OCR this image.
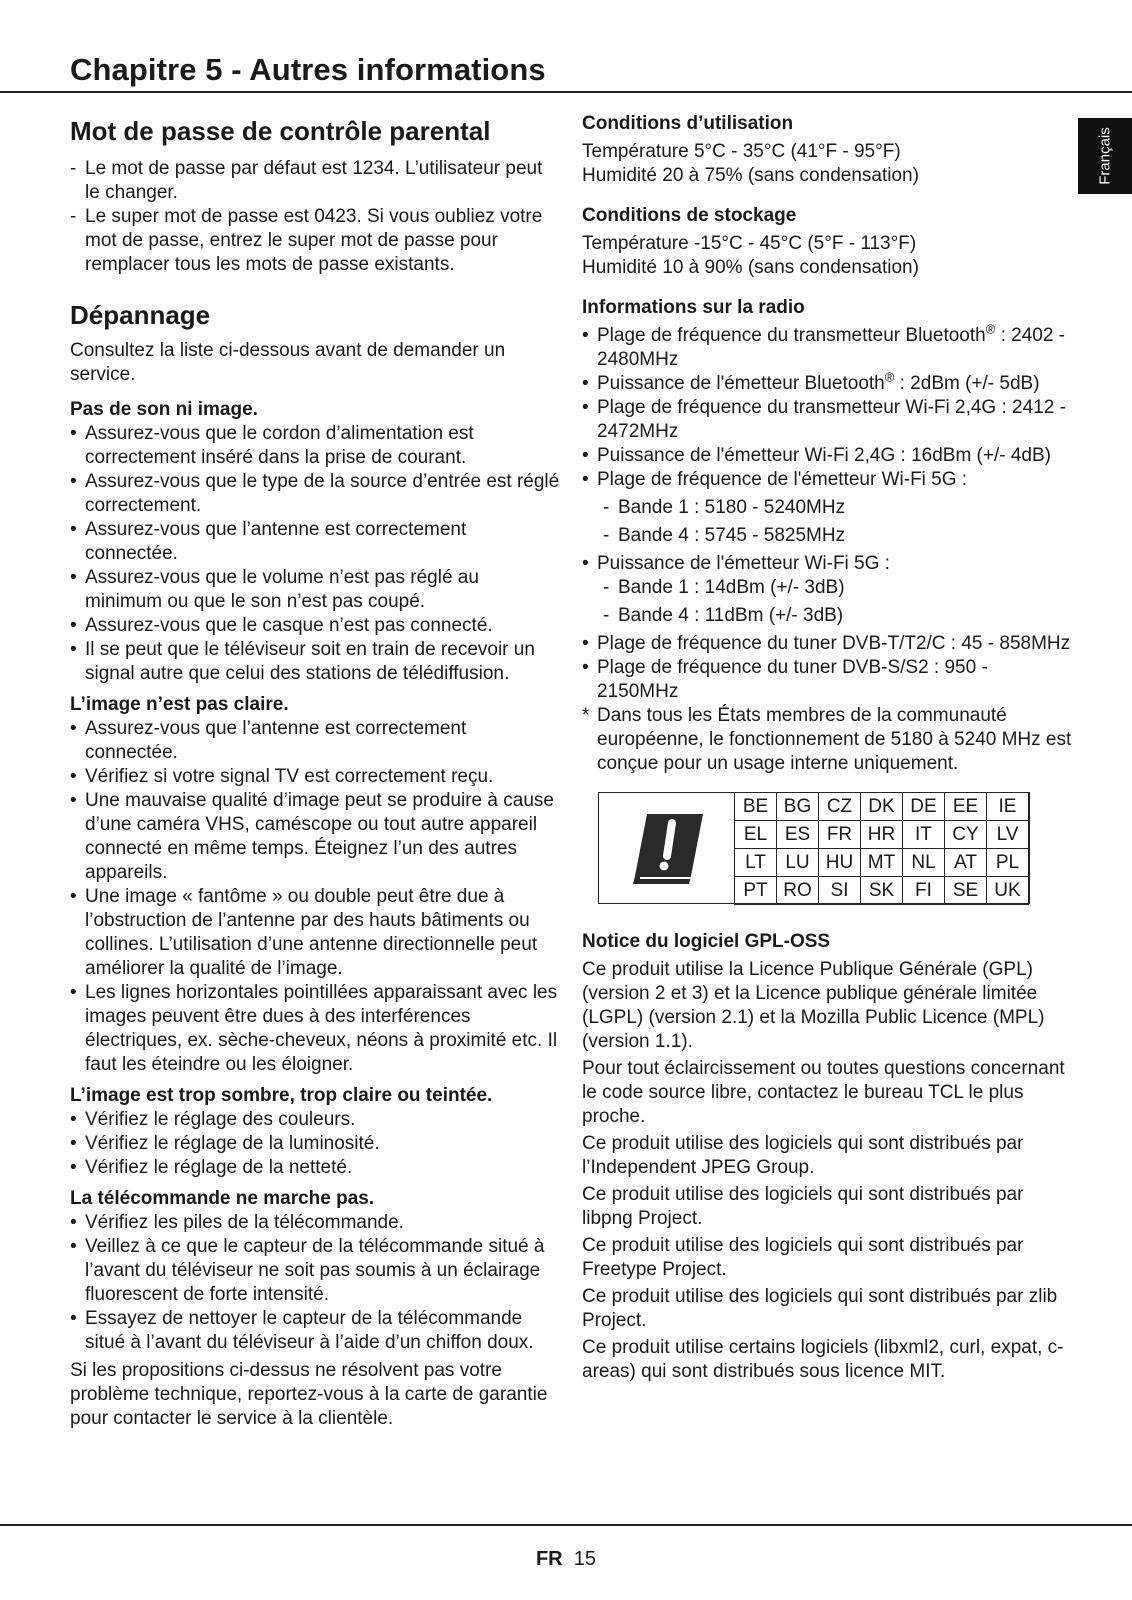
Chapitre 5 - Autres informations
Français
Mot de passe de contrôle parental
- Le mot de passe par défaut est 1234. L’utilisateur peut le changer.
- Le super mot de passe est 0423. Si vous oubliez votre mot de passe, entrez le super mot de passe pour remplacer tous les mots de passe existants.
Dépannage

Consultez la liste ci-dessous avant de demander un service.

Pas de son ni image.
• Assurez-vous que le cordon d’alimentation est correctement inséré dans la prise de courant.
• Assurez-vous que le type de la source d’entrée est réglé correctement.
• Assurez-vous que l’antenne est correctement connectée.
• Assurez-vous que le volume n’est pas réglé au minimum ou que le son n’est pas coupé.
• Assurez-vous que le casque n’est pas connecté.
• Il se peut que le téléviseur soit en train de recevoir un signal autre que celui des stations de télédiffusion.
L’image n’est pas claire.
• Assurez-vous que l’antenne est correctement connectée.
• Vérifiez si votre signal TV est correctement reçu.
• Une mauvaise qualité d’image peut se produire à cause d’une caméra VHS, caméscope ou tout autre appareil connecté en même temps. Éteignez l’un des autres appareils.
• Une image « fantôme » ou double peut être due à l’obstruction de l’antenne par des hauts bâtiments ou collines. L’utilisation d’une antenne directionnelle peut améliorer la qualité de l’image.
• Les lignes horizontales pointillées apparaissant avec les images peuvent être dues à des interférences électriques, ex. sèche-cheveux, néons à proximité etc. Il faut les éteindre ou les éloigner.
L’image est trop sombre, trop claire ou teintée.
• Vérifiez le réglage des couleurs.
• Vérifiez le réglage de la luminosité.
• Vérifiez le réglage de la netteté.
La télécommande ne marche pas.
• Vérifiez les piles de la télécommande.
• Veillez à ce que le capteur de la télécommande situé à l’avant du téléviseur ne soit pas soumis à un éclairage fluorescent de forte intensité.
• Essayez de nettoyer le capteur de la télécommande situé à l’avant du téléviseur à l’aide d’un chiffon doux.

Si les propositions ci-dessus ne résolvent pas votre problème technique, reportez-vous à la carte de garantie pour contacter le service à la clientèle.

Conditions d’utilisation

Température 5°C - 35°C (41°F - 95°F)

Humidité 20 à 75% (sans condensation)

Conditions de stockage

Température -15°C - 45°C (5°F - 113°F)

Humidité 10 à 90% (sans condensation)

Informations sur la radio
• Plage de fréquence du transmetteur Bluetooth® : 2402 - 2480MHz
• Puissance de l'émetteur Bluetooth® : 2dBm (+/- 5dB)
• Plage de fréquence du transmetteur Wi-Fi 2,4G : 2412 - 2472MHz
• Puissance de l'émetteur Wi-Fi 2,4G : 16dBm (+/- 4dB)
• Plage de fréquence de l'émetteur Wi-Fi 5G :
- Bande 1 : 5180 - 5240MHz
- Bande 4 : 5745 - 5825MHz
• Puissance de l'émetteur Wi-Fi 5G :
- Bande 1 : 14dBm (+/- 3dB)
- Bande 4 : 11dBm (+/- 3dB)
• Plage de fréquence du tuner DVB-T/T2/C : 45 - 858MHz
• Plage de fréquence du tuner DVB-S/S2 : 950 - 2150MHz
* Dans tous les États membres de la communauté européenne, le fonctionnement de 5180 à 5240 MHz est conçue pour un usage interne uniquement.
BE	BG	CZ	DK	DE	EE	IE
EL	ES	FR	HR	IT	CY	LV
LT	LU	HU	MT	NL	AT	PL
PT	RO	SI	SK	FI	SE	UK
Notice du logiciel GPL-OSS

Ce produit utilise la Licence Publique Générale (GPL) (version 2 et 3) et la Licence publique générale limitée (LGPL) (version 2.1) et la Mozilla Public Licence (MPL) (version 1.1).

Pour tout éclaircissement ou toutes questions concernant le code source libre, contactez le bureau TCL le plus proche.

Ce produit utilise des logiciels qui sont distribués par l’Independent JPEG Group.

Ce produit utilise des logiciels qui sont distribués par libpng Project.

Ce produit utilise des logiciels qui sont distribués par Freetype Project.

Ce produit utilise des logiciels qui sont distribués par zlib Project.

Ce produit utilise certains logiciels (libxml2, curl, expat, c-areas) qui sont distribués sous licence MIT.

FR 15
